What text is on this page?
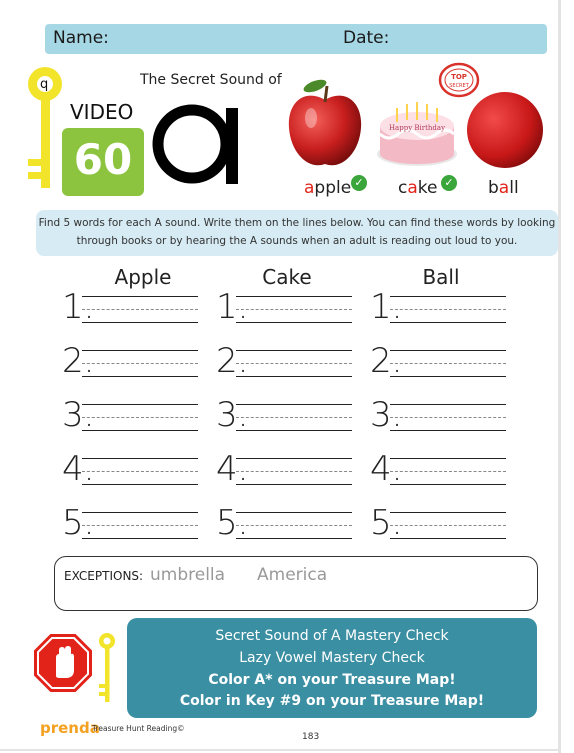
Name:	Date:
q
VIDEO
60
The Secret Sound of
Happy Birthday
TOP
SECRET
apple ✓ cake ✓ ball
Find 5 words for each A sound. Write them on the lines below. You can find these words by looking
through books or by hearing the A sounds when an adult is reading out loud to you.
Apple	Cake	Ball
1.	1.	1.
2.	2.	2.
3.	3.	3.
4.	4.	4.
5.	5.	5.
EXCEPTIONS: umbrella America
Secret Sound of A Mastery Check
Lazy Vowel Mastery Check
Color A* on your Treasure Map!
Color in Key #9 on your Treasure Map!
prenda
Treasure Hunt Reading©
183
